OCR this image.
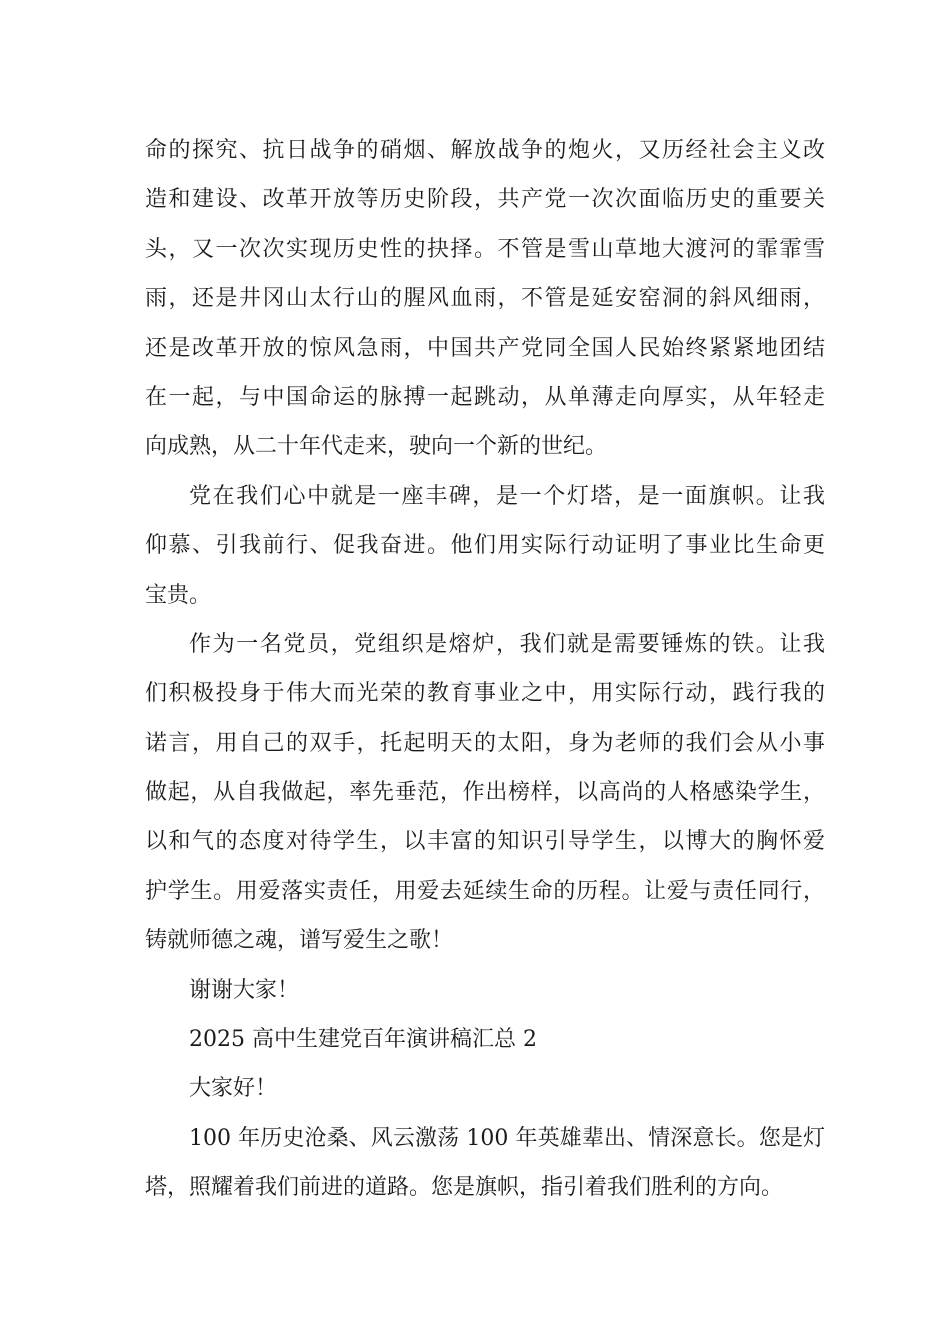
命的探究、抗日战争的硝烟、解放战争的炮火，又历经社会主义改
造和建设、改革开放等历史阶段，共产党一次次面临历史的重要关
头，又一次次实现历史性的抉择。不管是雪山草地大渡河的霏霏雪
雨，还是井冈山太行山的腥风血雨，不管是延安窑洞的斜风细雨，
还是改革开放的惊风急雨，中国共产党同全国人民始终紧紧地团结
在一起，与中国命运的脉搏一起跳动，从单薄走向厚实，从年轻走
向成熟，从二十年代走来，驶向一个新的世纪。
党在我们心中就是一座丰碑，是一个灯塔，是一面旗帜。让我
仰慕、引我前行、促我奋进。他们用实际行动证明了事业比生命更
宝贵。
作为一名党员，党组织是熔炉，我们就是需要锤炼的铁。让我
们积极投身于伟大而光荣的教育事业之中，用实际行动，践行我的
诺言，用自己的双手，托起明天的太阳，身为老师的我们会从小事
做起，从自我做起，率先垂范，作出榜样，以高尚的人格感染学生，
以和气的态度对待学生，以丰富的知识引导学生，以博大的胸怀爱
护学生。用爱落实责任，用爱去延续生命的历程。让爱与责任同行，
铸就师德之魂，谱写爱生之歌！
谢谢大家！
2025 高中生建党百年演讲稿汇总 2
大家好！
100 年历史沧桑、风云激荡 100 年英雄辈出、情深意长。您是灯
塔，照耀着我们前进的道路。您是旗帜，指引着我们胜利的方向。
